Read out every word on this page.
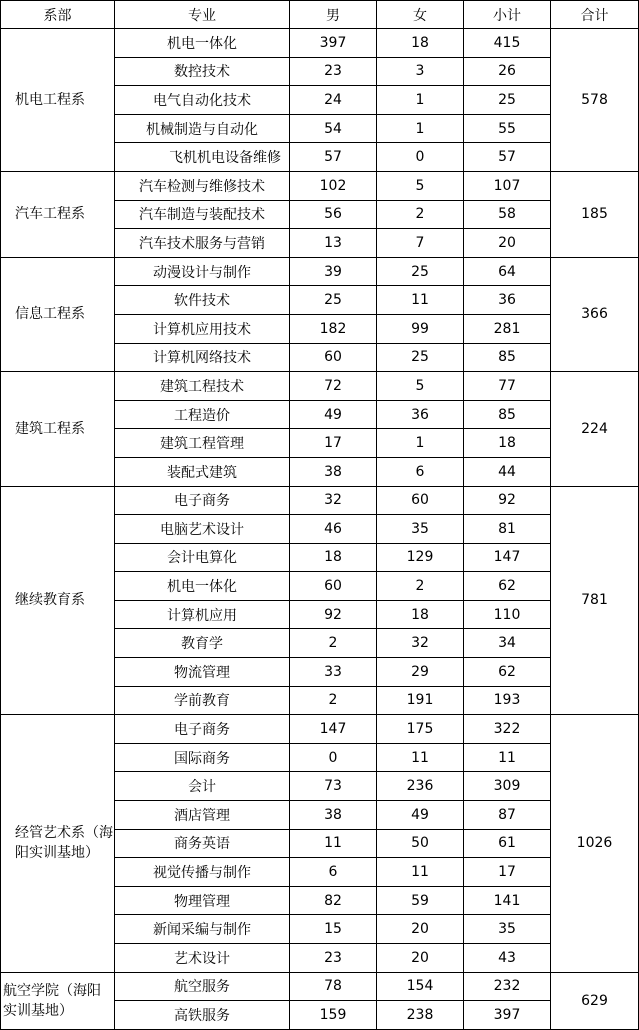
系部	专业	男	女	小计	合计
机电工程系	机电一体化	397	18	415	578
	数控技术	23	3	26	
	电气自动化技术	24	1	25	
	机械制造与自动化	54	1	55	
	飞机机电设备维修	57	0	57	
汽车工程系	汽车检测与维修技术	102	5	107	185
	汽车制造与装配技术	56	2	58	
	汽车技术服务与营销	13	7	20	
信息工程系	动漫设计与制作	39	25	64	366
	软件技术	25	11	36	
	计算机应用技术	182	99	281	
	计算机网络技术	60	25	85	
建筑工程系	建筑工程技术	72	5	77	224
	工程造价	49	36	85	
	建筑工程管理	17	1	18	
	装配式建筑	38	6	44	
继续教育系	电子商务	32	60	92	781
	电脑艺术设计	46	35	81	
	会计电算化	18	129	147	
	机电一体化	60	2	62	
	计算机应用	92	18	110	
	教育学	2	32	34	
	物流管理	33	29	62	
	学前教育	2	191	193	
经管艺术系（海阳实训基地）	电子商务	147	175	322	1026
	国际商务	0	11	11	
	会计	73	236	309	
	酒店管理	38	49	87	
	商务英语	11	50	61	
	视觉传播与制作	6	11	17	
	物理管理	82	59	141	
	新闻采编与制作	15	20	35	
	艺术设计	23	20	43	
航空学院（海阳实训基地）	航空服务	78	154	232	629
	高铁服务	159	238	397	
